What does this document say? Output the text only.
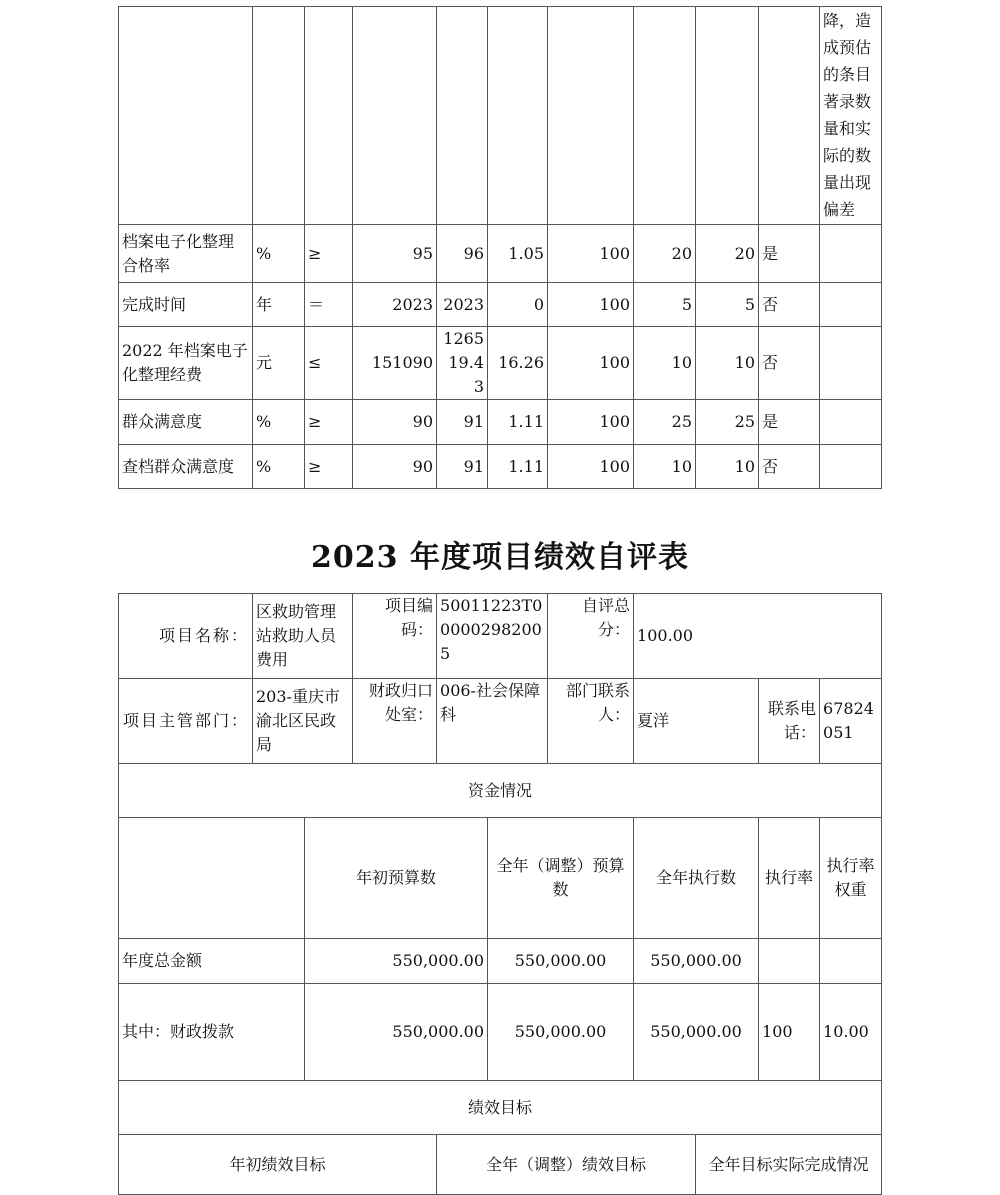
										降，造成预估的条目著录数量和实际的数量出现偏差
档案电子化整理合格率	%	≥	95	96	1.05	100	20	20	是	
完成时间	年	＝	2023	2023	0	100	5	5	否	
2022 年档案电子化整理经费	元	≤	151090	126519.43	16.26	100	10	10	否	
群众满意度	%	≥	90	91	1.11	100	25	25	是	
查档群众满意度	%	≥	90	91	1.11	100	10	10	否	
2023 年度项目绩效自评表
项目名称：	区救助管理站救助人员费用		项目编码：	50011223T000002982005		自评总分：	100.00				
项目主管部门：	203-重庆市渝北区民政局		财政归口处室：	006-社会保障科		部门联系人：	夏洋		联系电话：	67824051	
资金情况											
		年初预算数			全年（调整）预算数		全年执行数		执行率	执行率权重	
年度总金额		550,000.00			550,000.00		550,000.00				
其中：财政拨款		550,000.00			550,000.00		550,000.00		100	10.00	
绩效目标											
年初绩效目标				全年（调整）绩效目标				全年目标实际完成情况			
